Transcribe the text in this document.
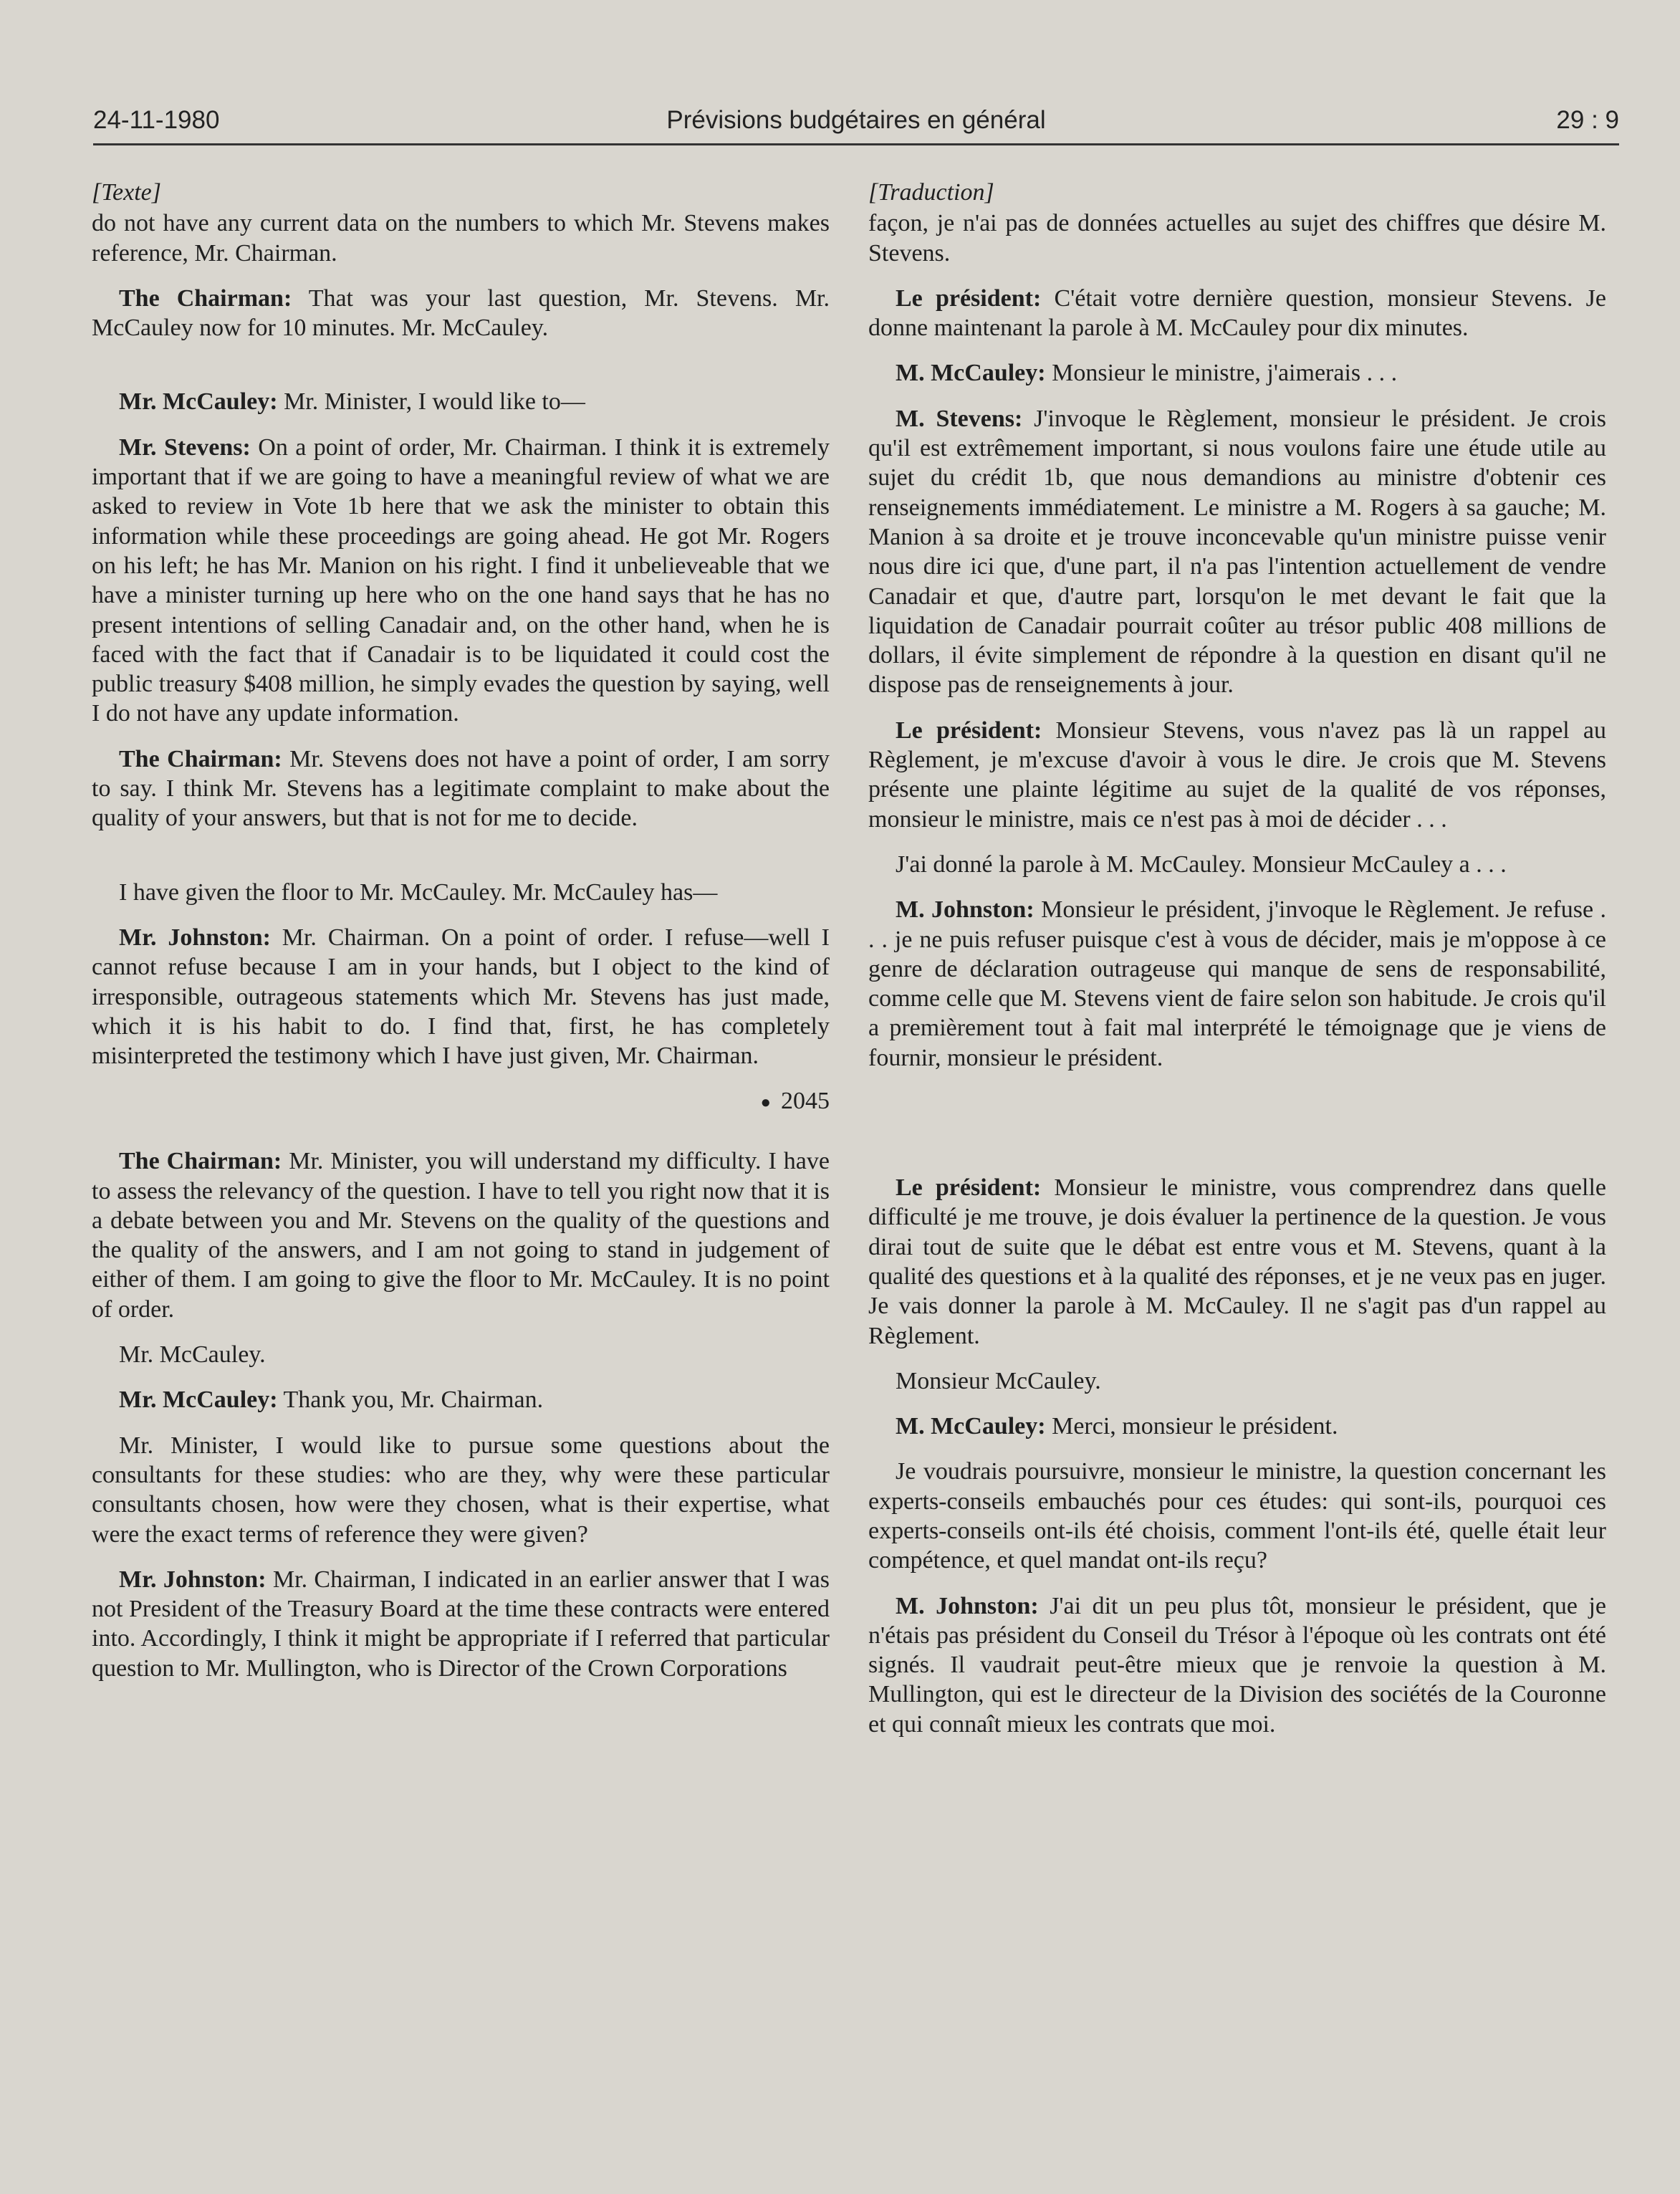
24-11-1980	Prévisions budgétaires en général	29 : 9

[Texte]

do not have any current data on the numbers to which Mr. Stevens makes reference, Mr. Chairman.

The Chairman: That was your last question, Mr. Stevens. Mr. McCauley now for 10 minutes. Mr. McCauley.

Mr. McCauley: Mr. Minister, I would like to—

Mr. Stevens: On a point of order, Mr. Chairman. I think it is extremely important that if we are going to have a meaningful review of what we are asked to review in Vote 1b here that we ask the minister to obtain this information while these proceedings are going ahead. He got Mr. Rogers on his left; he has Mr. Manion on his right. I find it unbelieveable that we have a minister turning up here who on the one hand says that he has no present intentions of selling Canadair and, on the other hand, when he is faced with the fact that if Canadair is to be liquidated it could cost the public treasury $408 million, he simply evades the question by saying, well I do not have any update information.

The Chairman: Mr. Stevens does not have a point of order, I am sorry to say. I think Mr. Stevens has a legitimate complaint to make about the quality of your answers, but that is not for me to decide.

I have given the floor to Mr. McCauley. Mr. McCauley has—

Mr. Johnston: Mr. Chairman. On a point of order. I refuse—well I cannot refuse because I am in your hands, but I object to the kind of irresponsible, outrageous statements which Mr. Stevens has just made, which it is his habit to do. I find that, first, he has completely misinterpreted the testimony which I have just given, Mr. Chairman.

● 2045

The Chairman: Mr. Minister, you will understand my difficulty. I have to assess the relevancy of the question. I have to tell you right now that it is a debate between you and Mr. Stevens on the quality of the questions and the quality of the answers, and I am not going to stand in judgement of either of them. I am going to give the floor to Mr. McCauley. It is no point of order.

Mr. McCauley.

Mr. McCauley: Thank you, Mr. Chairman.

Mr. Minister, I would like to pursue some questions about the consultants for these studies: who are they, why were these particular consultants chosen, how were they chosen, what is their expertise, what were the exact terms of reference they were given?

Mr. Johnston: Mr. Chairman, I indicated in an earlier answer that I was not President of the Treasury Board at the time these contracts were entered into. Accordingly, I think it might be appropriate if I referred that particular question to Mr. Mullington, who is Director of the Crown Corporations

[Traduction]

façon, je n'ai pas de données actuelles au sujet des chiffres que désire M. Stevens.

Le président: C'était votre dernière question, monsieur Stevens. Je donne maintenant la parole à M. McCauley pour dix minutes.

M. McCauley: Monsieur le ministre, j'aimerais . . .

M. Stevens: J'invoque le Règlement, monsieur le président. Je crois qu'il est extrêmement important, si nous voulons faire une étude utile au sujet du crédit 1b, que nous demandions au ministre d'obtenir ces renseignements immédiatement. Le ministre a M. Rogers à sa gauche; M. Manion à sa droite et je trouve inconcevable qu'un ministre puisse venir nous dire ici que, d'une part, il n'a pas l'intention actuellement de vendre Canadair et que, d'autre part, lorsqu'on le met devant le fait que la liquidation de Canadair pourrait coûter au trésor public 408 millions de dollars, il évite simplement de répondre à la question en disant qu'il ne dispose pas de renseignements à jour.

Le président: Monsieur Stevens, vous n'avez pas là un rappel au Règlement, je m'excuse d'avoir à vous le dire. Je crois que M. Stevens présente une plainte légitime au sujet de la qualité de vos réponses, monsieur le ministre, mais ce n'est pas à moi de décider . . .

J'ai donné la parole à M. McCauley. Monsieur McCauley a . . .

M. Johnston: Monsieur le président, j'invoque le Règlement. Je refuse . . . je ne puis refuser puisque c'est à vous de décider, mais je m'oppose à ce genre de déclaration outrageuse qui manque de sens de responsabilité, comme celle que M. Stevens vient de faire selon son habitude. Je crois qu'il a premièrement tout à fait mal interprété le témoignage que je viens de fournir, monsieur le président.

Le président: Monsieur le ministre, vous comprendrez dans quelle difficulté je me trouve, je dois évaluer la pertinence de la question. Je vous dirai tout de suite que le débat est entre vous et M. Stevens, quant à la qualité des questions et à la qualité des réponses, et je ne veux pas en juger. Je vais donner la parole à M. McCauley. Il ne s'agit pas d'un rappel au Règlement.

Monsieur McCauley.

M. McCauley: Merci, monsieur le président.

Je voudrais poursuivre, monsieur le ministre, la question concernant les experts-conseils embauchés pour ces études: qui sont-ils, pourquoi ces experts-conseils ont-ils été choisis, comment l'ont-ils été, quelle était leur compétence, et quel mandat ont-ils reçu?

M. Johnston: J'ai dit un peu plus tôt, monsieur le président, que je n'étais pas président du Conseil du Trésor à l'époque où les contrats ont été signés. Il vaudrait peut-être mieux que je renvoie la question à M. Mullington, qui est le directeur de la Division des sociétés de la Couronne et qui connaît mieux les contrats que moi.
